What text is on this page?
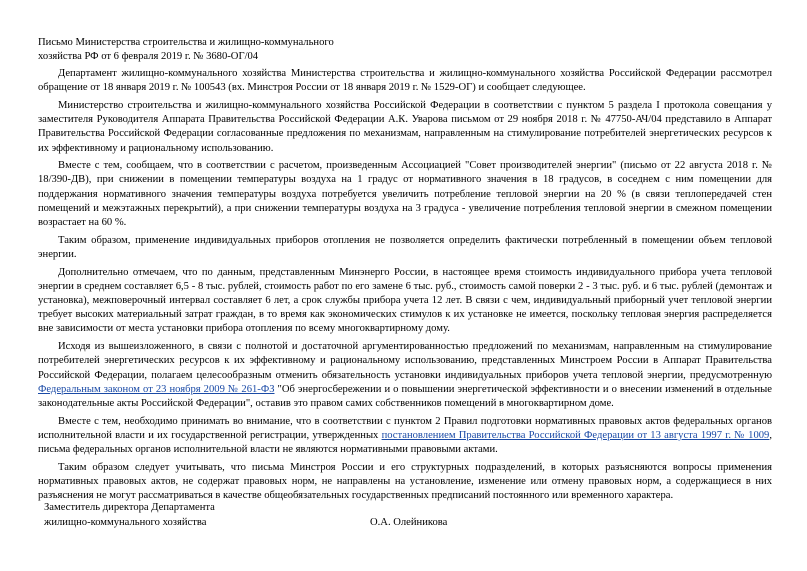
Письмо Министерства строительства и жилищно-коммунального
хозяйства РФ от 6 февраля 2019 г. № 3680-ОГ/04

Департамент жилищно-коммунального хозяйства Министерства строительства и жилищно-коммунального хозяйства Российской Федерации рассмотрел обращение от 18 января 2019 г. № 100543 (вх. Минстроя России от 18 января 2019 г. № 1529-ОГ) и сообщает следующее.

Министерство строительства и жилищно-коммунального хозяйства Российской Федерации в соответствии с пунктом 5 раздела I протокола совещания у заместителя Руководителя Аппарата Правительства Российской Федерации А.К. Уварова письмом от 29 ноября 2018 г. № 47750-АЧ/04 представило в Аппарат Правительства Российской Федерации согласованные предложения по механизмам, направленным на стимулирование потребителей энергетических ресурсов к их эффективному и рациональному использованию.

Вместе с тем, сообщаем, что в соответствии с расчетом, произведенным Ассоциацией "Совет производителей энергии" (письмо от 22 августа 2018 г. № 18/390-ДВ), при снижении в помещении температуры воздуха на 1 градус от нормативного значения в 18 градусов, в соседнем с ним помещении для поддержания нормативного значения температуры воздуха потребуется увеличить потребление тепловой энергии на 20 % (в связи теплопередачей стен помещений и межэтажных перекрытий), а при снижении температуры воздуха на 3 градуса - увеличение потребления тепловой энергии в смежном помещении возрастает на 60 %.

Таким образом, применение индивидуальных приборов отопления не позволяется определить фактически потребленный в помещении объем тепловой энергии.

Дополнительно отмечаем, что по данным, представленным Минэнерго России, в настоящее время стоимость индивидуального прибора учета тепловой энергии в среднем составляет 6,5 - 8 тыс. рублей, стоимость работ по его замене 6 тыс. руб., стоимость самой поверки 2 - 3 тыс. руб. и 6 тыс. рублей (демонтаж и установка), межповерочный интервал составляет 6 лет, а срок службы прибора учета 12 лет. В связи с чем, индивидуальный приборный учет тепловой энергии требует высоких материальный затрат граждан, в то время как экономических стимулов к их установке не имеется, поскольку тепловая энергия распределяется вне зависимости от места установки прибора отопления по всему многоквартирному дому.

Исходя из вышеизложенного, в связи с полнотой и достаточной аргументированностью предложений по механизмам, направленным на стимулирование потребителей энергетических ресурсов к их эффективному и рациональному использованию, представленных Минстроем России в Аппарат Правительства Российской Федерации, полагаем целесообразным отменить обязательность установки индивидуальных приборов учета тепловой энергии, предусмотренную Федеральным законом от 23 ноября 2009 № 261-ФЗ "Об энергосбережении и о повышении энергетической эффективности и о внесении изменений в отдельные законодательные акты Российской Федерации", оставив это правом самих собственников помещений в многоквартирном доме.

Вместе с тем, необходимо принимать во внимание, что в соответствии с пунктом 2 Правил подготовки нормативных правовых актов федеральных органов исполнительной власти и их государственной регистрации, утвержденных постановлением Правительства Российской Федерации от 13 августа 1997 г. № 1009, письма федеральных органов исполнительной власти не являются нормативными правовыми актами.

Таким образом следует учитывать, что письма Минстроя России и его структурных подразделений, в которых разъясняются вопросы применения нормативных правовых актов, не содержат правовых норм, не направлены на установление, изменение или отмену правовых норм, а содержащиеся в них разъяснения не могут рассматриваться в качестве общеобязательных государственных предписаний постоянного или временного характера.

Заместитель директора Департамента
жилищно-коммунального хозяйства	О.А. Олейникова
